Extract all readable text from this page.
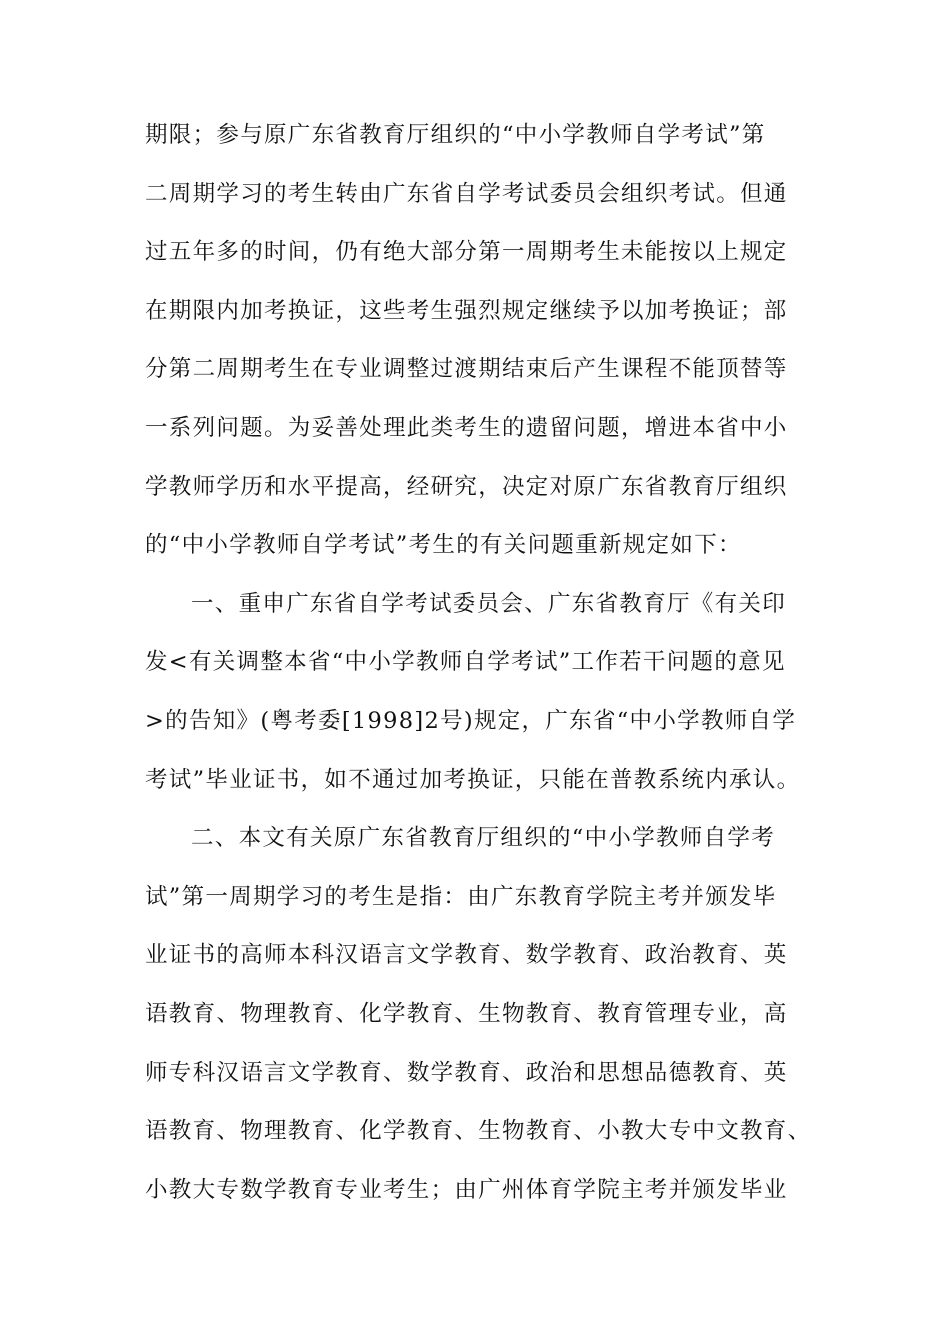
期限；参与原广东省教育厅组织的“中小学教师自学考试”第
二周期学习的考生转由广东省自学考试委员会组织考试。但通
过五年多的时间，仍有绝大部分第一周期考生未能按以上规定
在期限内加考换证，这些考生强烈规定继续予以加考换证；部
分第二周期考生在专业调整过渡期结束后产生课程不能顶替等
一系列问题。为妥善处理此类考生的遗留问题，增进本省中小
学教师学历和水平提高，经研究，决定对原广东省教育厅组织
的“中小学教师自学考试”考生的有关问题重新规定如下：
一、重申广东省自学考试委员会、广东省教育厅《有关印
发<有关调整本省“中小学教师自学考试”工作若干问题的意见
>的告知》(粤考委[1998]2号)规定，广东省“中小学教师自学
考试”毕业证书，如不通过加考换证，只能在普教系统内承认。
二、本文有关原广东省教育厅组织的“中小学教师自学考
试”第一周期学习的考生是指：由广东教育学院主考并颁发毕
业证书的高师本科汉语言文学教育、数学教育、政治教育、英
语教育、物理教育、化学教育、生物教育、教育管理专业，高
师专科汉语言文学教育、数学教育、政治和思想品德教育、英
语教育、物理教育、化学教育、生物教育、小教大专中文教育、
小教大专数学教育专业考生；由广州体育学院主考并颁发毕业
